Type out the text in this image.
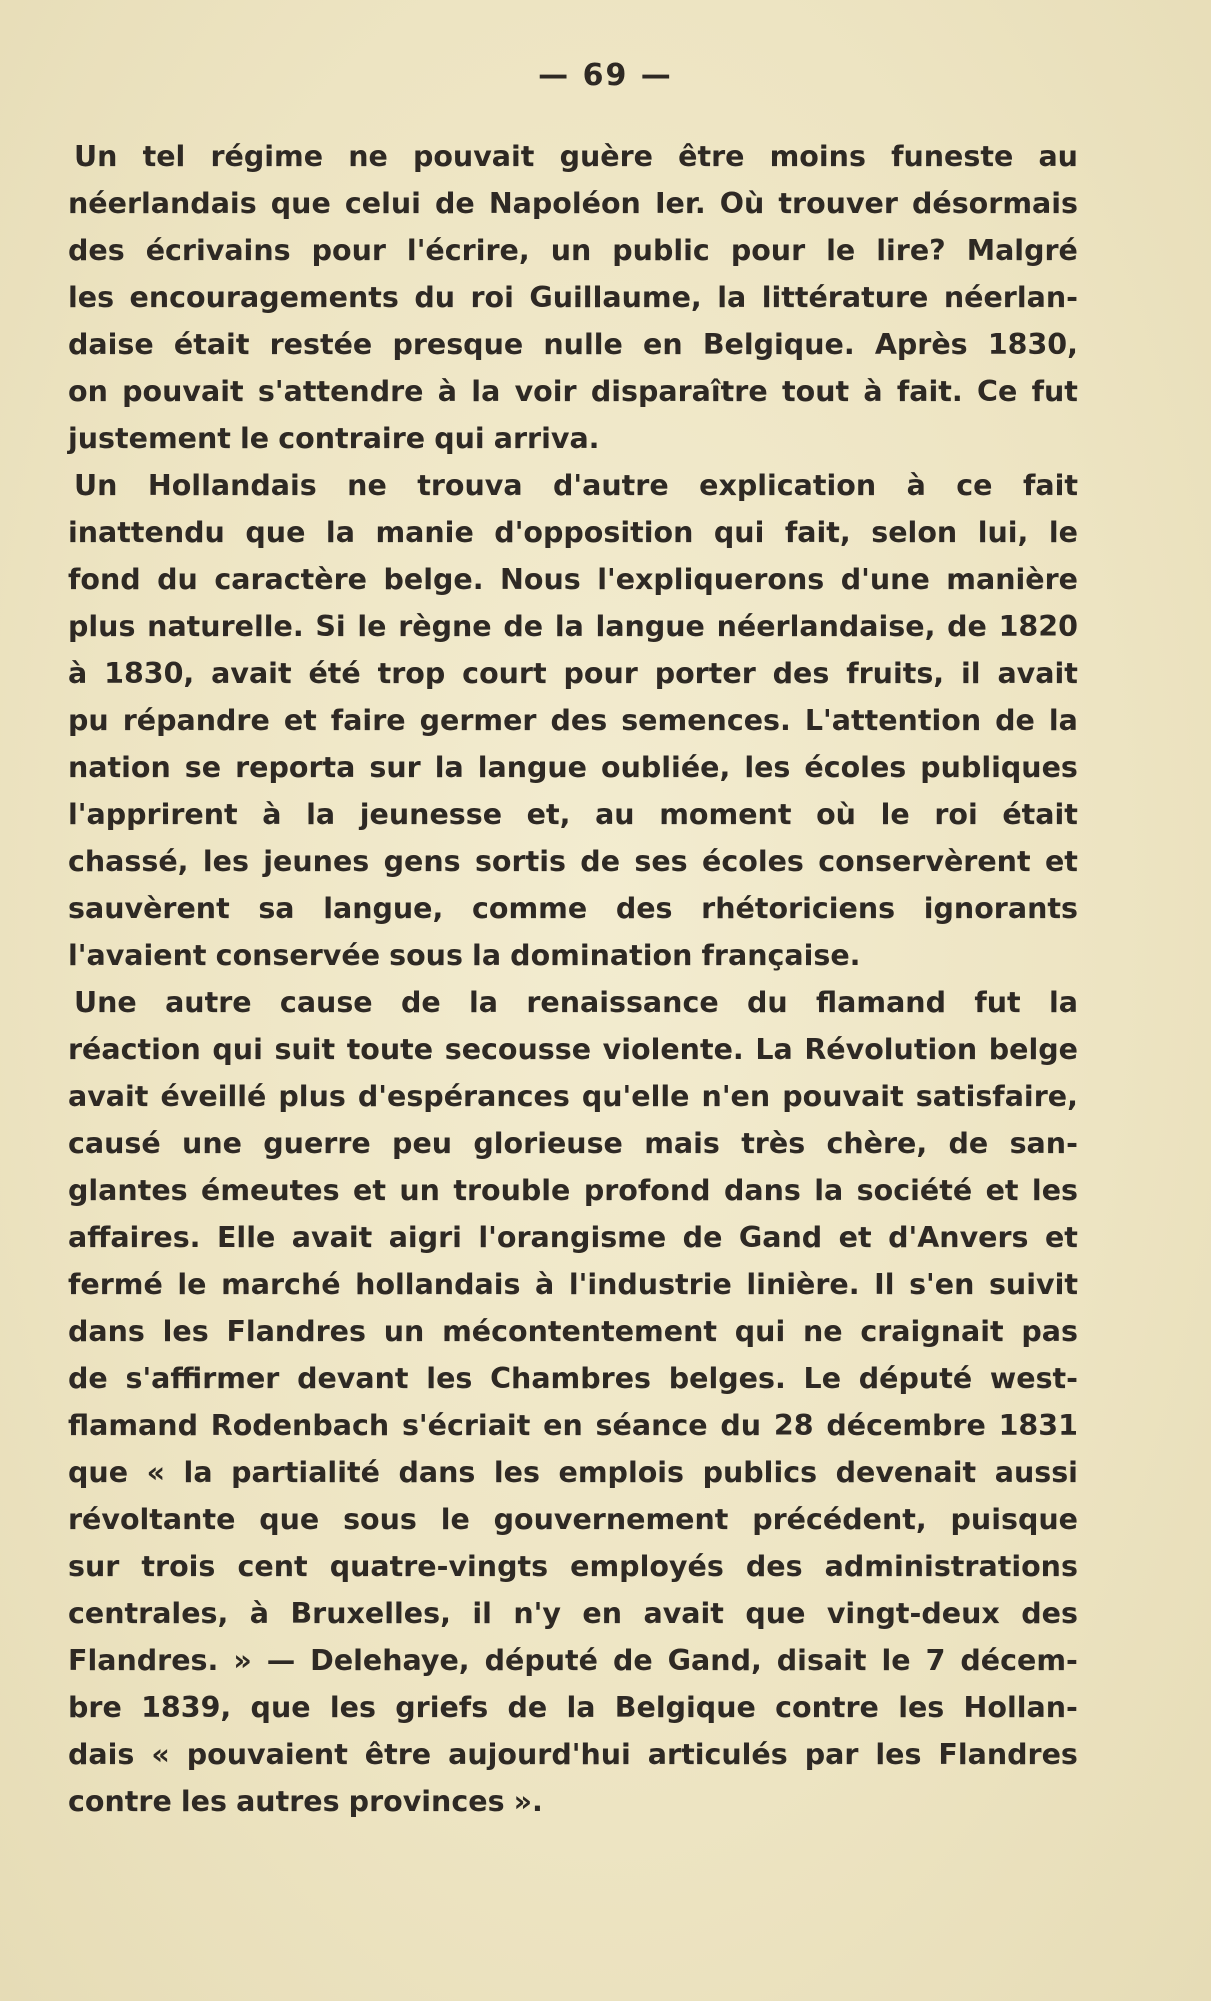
— 69 —
Un tel régime ne pouvait guère être moins funeste au
néerlandais que celui de Napoléon Ier. Où trouver désormais
des écrivains pour l'écrire, un public pour le lire? Malgré
les encouragements du roi Guillaume, la littérature néerlan-
daise était restée presque nulle en Belgique. Après 1830,
on pouvait s'attendre à la voir disparaître tout à fait. Ce fut
justement le contraire qui arriva.
Un Hollandais ne trouva d'autre explication à ce fait
inattendu que la manie d'opposition qui fait, selon lui, le
fond du caractère belge. Nous l'expliquerons d'une manière
plus naturelle. Si le règne de la langue néerlandaise, de 1820
à 1830, avait été trop court pour porter des fruits, il avait
pu répandre et faire germer des semences. L'attention de la
nation se reporta sur la langue oubliée, les écoles publiques
l'apprirent à la jeunesse et, au moment où le roi était
chassé, les jeunes gens sortis de ses écoles conservèrent et
sauvèrent sa langue, comme des rhétoriciens ignorants
l'avaient conservée sous la domination française.
Une autre cause de la renaissance du flamand fut la
réaction qui suit toute secousse violente. La Révolution belge
avait éveillé plus d'espérances qu'elle n'en pouvait satisfaire,
causé une guerre peu glorieuse mais très chère, de san-
glantes émeutes et un trouble profond dans la société et les
affaires. Elle avait aigri l'orangisme de Gand et d'Anvers et
fermé le marché hollandais à l'industrie linière. Il s'en suivit
dans les Flandres un mécontentement qui ne craignait pas
de s'affirmer devant les Chambres belges. Le député west-
flamand Rodenbach s'écriait en séance du 28 décembre 1831
que « la partialité dans les emplois publics devenait aussi
révoltante que sous le gouvernement précédent, puisque
sur trois cent quatre-vingts employés des administrations
centrales, à Bruxelles, il n'y en avait que vingt-deux des
Flandres. » — Delehaye, député de Gand, disait le 7 décem-
bre 1839, que les griefs de la Belgique contre les Hollan-
dais « pouvaient être aujourd'hui articulés par les Flandres
contre les autres provinces ».
